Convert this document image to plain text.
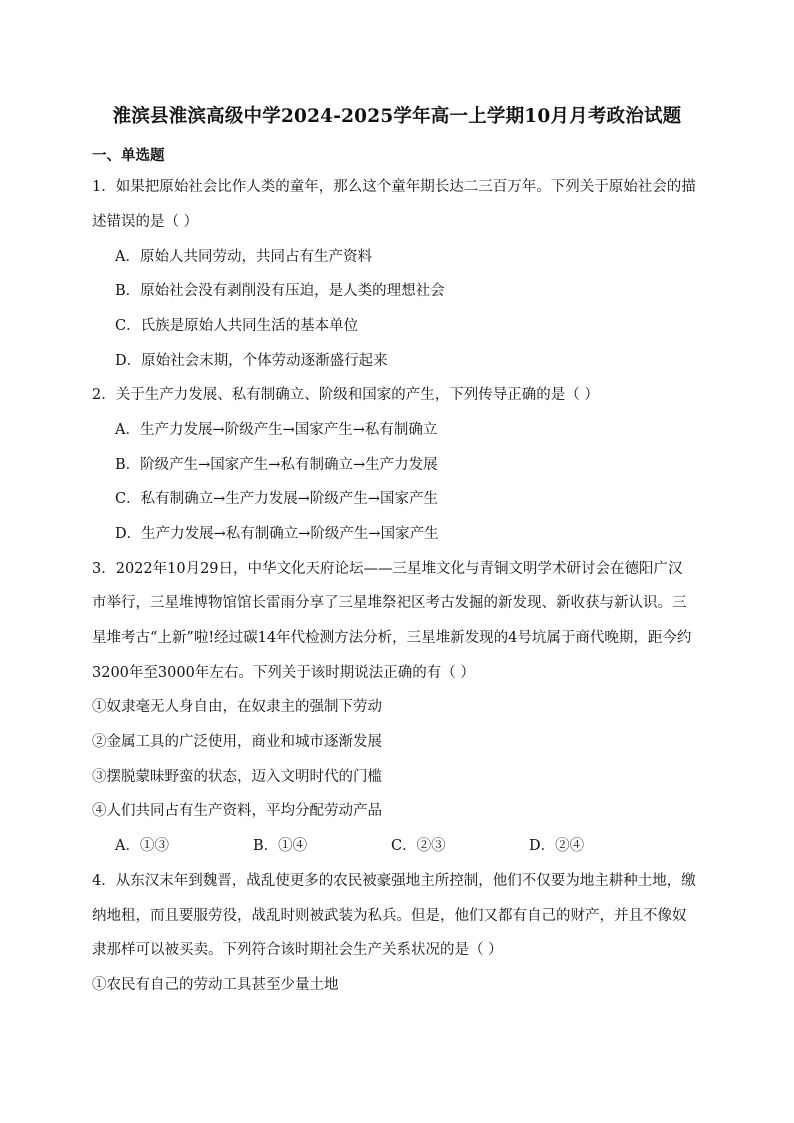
淮滨县淮滨高级中学2024-2025学年高一上学期10月月考政治试题
一、单选题
1．如果把原始社会比作人类的童年，那么这个童年期长达二三百万年。下列关于原始社会的描
述错误的是（ ）
A．原始人共同劳动，共同占有生产资料
B．原始社会没有剥削没有压迫，是人类的理想社会
C．氏族是原始人共同生活的基本单位
D．原始社会末期，个体劳动逐渐盛行起来
2．关于生产力发展、私有制确立、阶级和国家的产生，下列传导正确的是（ ）
A．生产力发展→阶级产生→国家产生→私有制确立
B．阶级产生→国家产生→私有制确立→生产力发展
C．私有制确立→生产力发展→阶级产生→国家产生
D．生产力发展→私有制确立→阶级产生→国家产生
3．2022年10月29日，中华文化天府论坛——三星堆文化与青铜文明学术研讨会在德阳广汉
市举行，三星堆博物馆馆长雷雨分享了三星堆祭祀区考古发掘的新发现、新收获与新认识。三
星堆考古“上新”啦!经过碳14年代检测方法分析，三星堆新发现的4号坑属于商代晚期，距今约
3200年至3000年左右。下列关于该时期说法正确的有（ ）
①奴隶毫无人身自由，在奴隶主的强制下劳动
②金属工具的广泛使用，商业和城市逐渐发展
③摆脱蒙昧野蛮的状态，迈入文明时代的门槛
④人们共同占有生产资料，平均分配劳动产品
A．①③	B．①④	C．②③	D．②④
4．从东汉末年到魏晋，战乱使更多的农民被豪强地主所控制，他们不仅要为地主耕种土地，缴
纳地租，而且要服劳役，战乱时则被武装为私兵。但是，他们又都有自己的财产，并且不像奴
隶那样可以被买卖。下列符合该时期社会生产关系状况的是（ ）
①农民有自己的劳动工具甚至少量土地
